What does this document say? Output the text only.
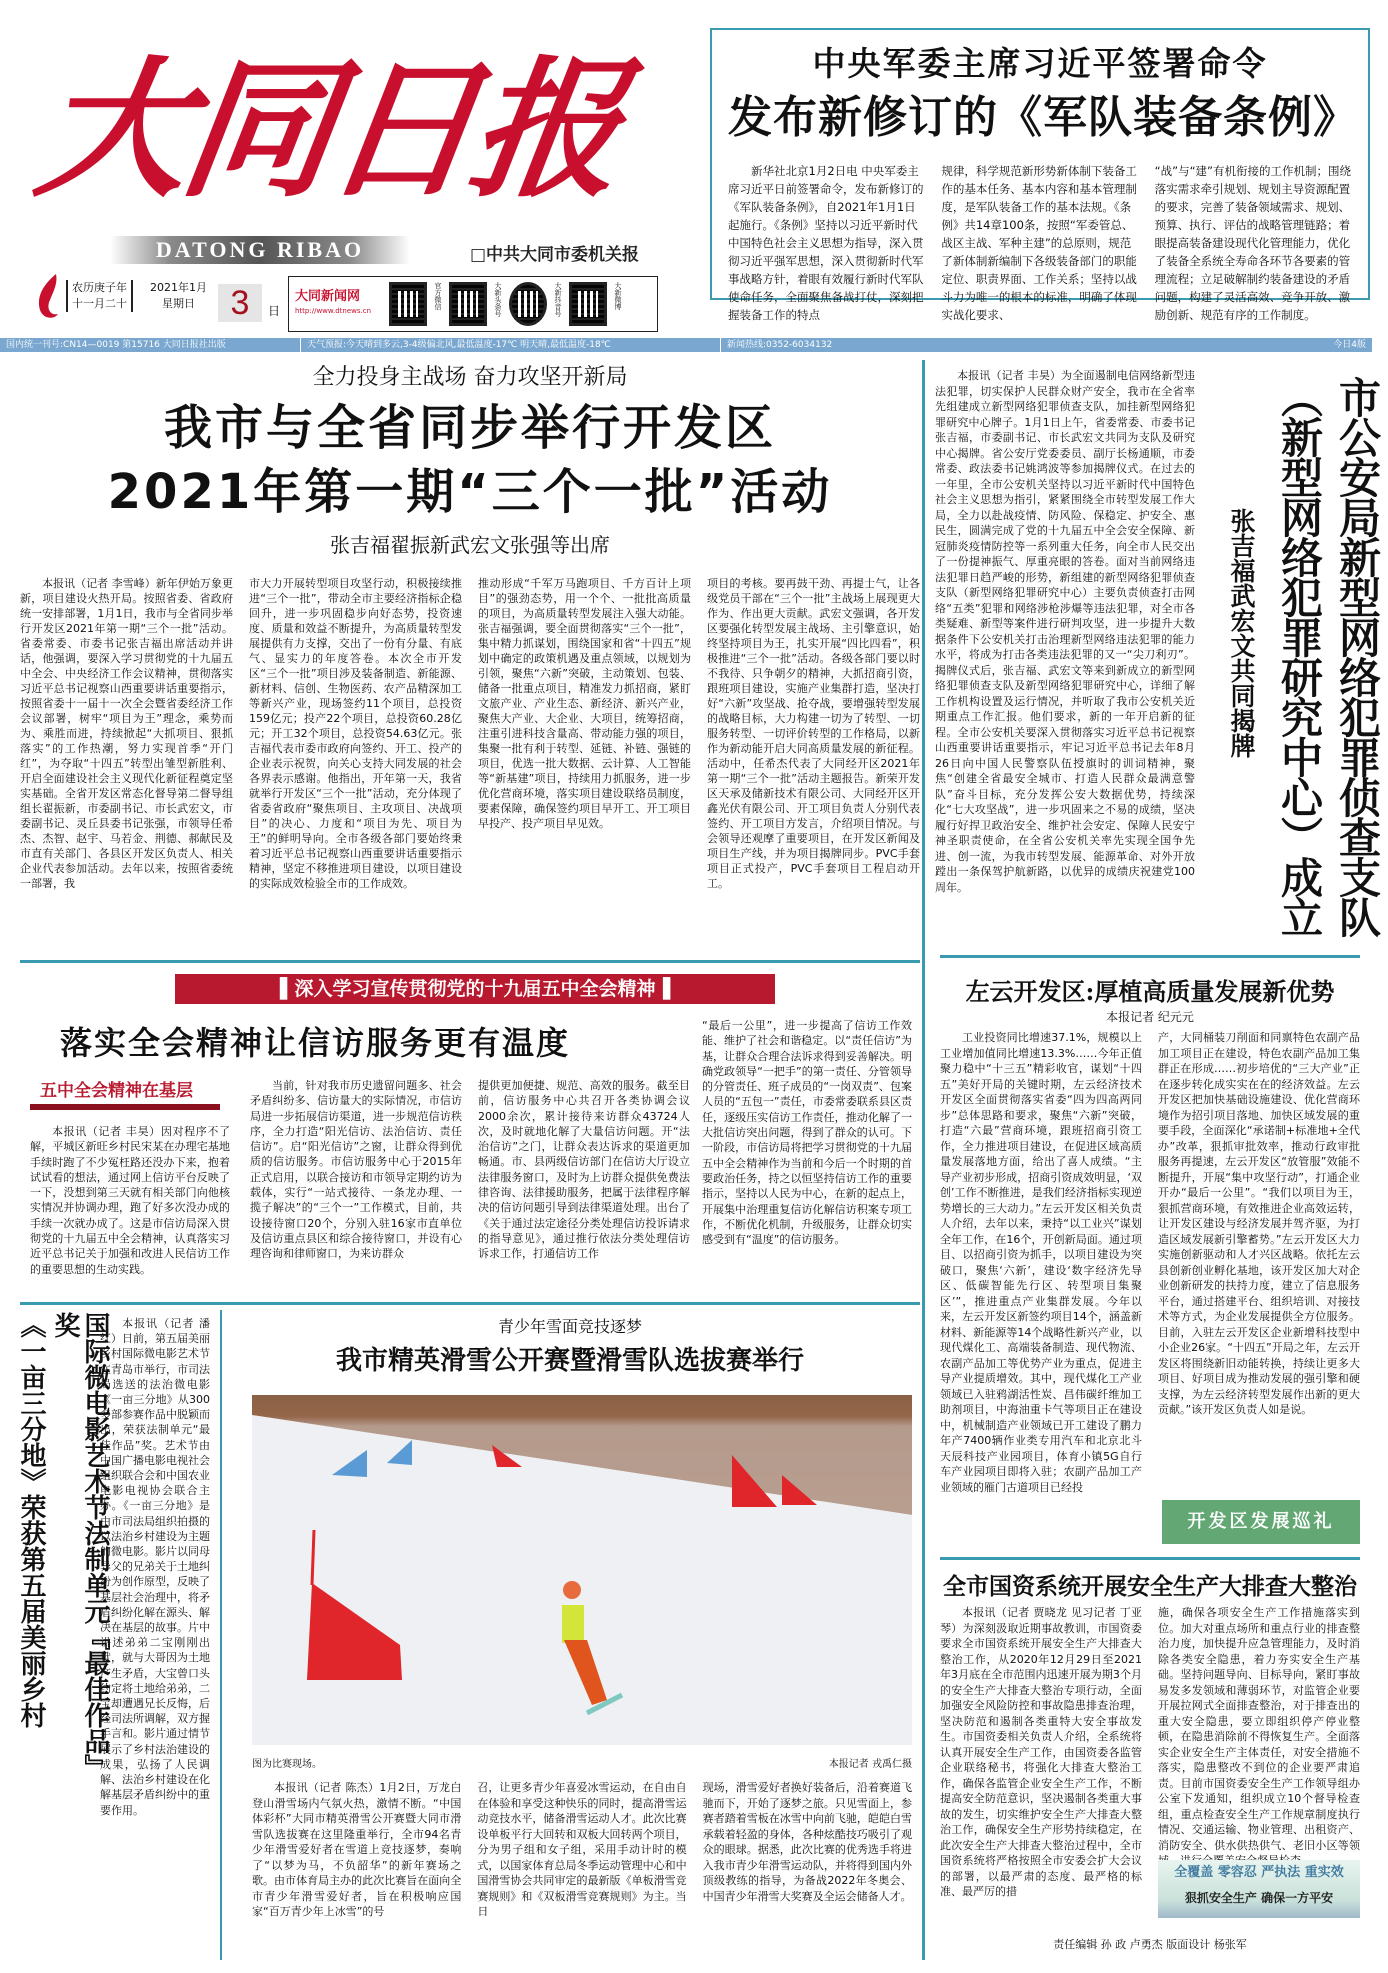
大同日报
DATONG RIBAO	□中共大同市委机关报
农历庚子年
十一月二十
2021年1月
星期日	3	日
大同新闻网
http://www.dtnews.cn
官方微信	大新头条号	大新抖音号	大新微博
中央军委主席习近平签署命令
发布新修订的《军队装备条例》
新华社北京1月2日电 中央军委主席习近平日前签署命令，发布新修订的《军队装备条例》，自2021年1月1日起施行。《条例》坚持以习近平新时代中国特色社会主义思想为指导，深入贯彻习近平强军思想，深入贯彻新时代军事战略方针，着眼有效履行新时代军队使命任务，全面聚焦备战打仗，深刻把握装备工作的特点
规律，科学规范新形势新体制下装备工作的基本任务、基本内容和基本管理制度，是军队装备工作的基本法规。《条例》共14章100条，按照“军委管总、战区主战、军种主建”的总原则，规范了新体制新编制下各级装备部门的职能定位、职责界面、工作关系；坚持以战斗力为唯一的根本的标准，明确了体现实战化要求、
“战”与“建”有机衔接的工作机制；围绕落实需求牵引规划、规划主导资源配置的要求，完善了装备领域需求、规划、预算、执行、评估的战略管理链路；着眼提高装备建设现代化管理能力，优化了装备全系统全寿命各环节各要素的管理流程；立足破解制约装备建设的矛盾问题，构建了灵活高效、竞争开放、激励创新、规范有序的工作制度。
国内统一刊号:CN14—0019 第15716 大同日报社出版	天气预报:今天晴到多云,3-4级偏北风,最低温度-17℃ 明天晴,最低温度-18℃	新闻热线:0352-6034132	今日4版
全力投身主战场 奋力攻坚开新局
我市与全省同步举行开发区
2021年第一期“三个一批”活动
张吉福翟振新武宏文张强等出席
本报讯（记者 李雪峰）新年伊始万象更新，项目建设火热开局。按照省委、省政府统一安排部署，1月1日，我市与全省同步举行开发区2021年第一期“三个一批”活动。省委常委、市委书记张吉福出席活动并讲话，他强调，要深入学习贯彻党的十九届五中全会、中央经济工作会议精神，贯彻落实习近平总书记视察山西重要讲话重要指示，按照省委十一届十一次全会暨省委经济工作会议部署，树牢“项目为王”理念，乘势而为、乘胜而进，持续掀起“大抓项目、狠抓落实”的工作热潮，努力实现首季“开门红”，为夺取“十四五”转型出雏型新胜利、开启全面建设社会主义现代化新征程奠定坚实基础。全省开发区常态化督导第二督导组组长翟振新，市委副书记、市长武宏文，市委副书记、灵丘县委书记张强，市领导任希杰、杰智、赵宇、马若金、荆德、郝献民及市直有关部门、各县区开发区负责人、相关企业代表参加活动。去年以来，按照省委统一部署，我
市大力开展转型项目攻坚行动，积极接续推进“三个一批”，带动全市主要经济指标企稳回升，进一步巩固稳步向好态势，投资速度、质量和效益不断提升，为高质量转型发展提供有力支撑，交出了一份有分量、有底气、显实力的年度答卷。本次全市开发区“三个一批”项目涉及装备制造、新能源、新材料、信创、生物医药、农产品精深加工等新兴产业，现场签约11个项目，总投资159亿元；投产22个项目，总投资60.28亿元；开工32个项目，总投资54.63亿元。张吉福代表市委市政府向签约、开工、投产的企业表示祝贺，向关心支持大同发展的社会各界表示感谢。他指出，开年第一天，我省就举行开发区“三个一批”活动，充分体现了省委省政府“聚焦项目、主攻项目、决战项目”的决心、力度和“项目为先、项目为王”的鲜明导向。全市各级各部门要始终秉着习近平总书记视察山西重要讲话重要指示精神，坚定不移推进项目建设，以项目建设的实际成效检验全市的工作成效。
推动形成“千军万马跑项目、千方百计上项目”的强劲态势，用一个个、一批批高质量的项目，为高质量转型发展注入强大动能。张吉福强调，要全面贯彻落实“三个一批”，集中精力抓谋划，围绕国家和省“十四五”规划中确定的政策机遇及重点领域，以规划为引领，聚焦“六新”突破，主动策划、包装、储备一批重点项目，精准发力抓招商，紧盯文旅产业、产业生态、新经济、新兴产业，聚焦大产业、大企业、大项目，统筹招商，注重引进科技含量高、带动能力强的项目，集聚一批有利于转型、延链、补链、强链的项目，优选一批大数据、云计算、人工智能等“新基建”项目，持续用力抓服务，进一步优化营商环境，落实项目建设联络员制度，要素保障，确保签约项目早开工、开工项目早投产、投产项目早见效。
项目的考核。要再鼓干劲、再提士气，让各级党员干部在“三个一批”主战场上展现更大作为、作出更大贡献。武宏文强调，各开发区要强化转型发展主战场、主引擎意识，始终坚持项目为王，扎实开展“四比四看”，积极推进“三个一批”活动。各级各部门要以时不我待、只争朝夕的精神，大抓招商引资，跟班项目建设，实施产业集群打造，坚决打好“六新”攻坚战、抢夺战，要增强转型发展的战略目标，大力构建一切为了转型、一切服务转型、一切评价转型的工作格局，以新作为新动能开启大同高质量发展的新征程。活动中，任希杰代表了大同经开区2021年第一期“三个一批”活动主题报告。新荣开发区天承及储新技术有限公司、大同经开区开鑫光伏有限公司、开工项目负责人分别代表签约、开工项目方发言，介绍项目情况。与会领导还观摩了重要项目，在开发区新闻及项目生产线，并为项目揭牌同步。PVC手套项目正式投产，PVC手套项目工程启动开工。
本报讯（记者 丰昊）为全面遏制电信网络新型违法犯罪，切实保护人民群众财产安全，我市在全省率先组建成立新型网络犯罪侦查支队，加挂新型网络犯罪研究中心牌子。1月1日上午，省委常委、市委书记张吉福，市委副书记、市长武宏文共同为支队及研究中心揭牌。省公安厅党委委员、副厅长杨通顺，市委常委、政法委书记姚鸿波等参加揭牌仪式。在过去的一年里，全市公安机关坚持以习近平新时代中国特色社会主义思想为指引，紧紧围绕全市转型发展工作大局，全力以赴战疫情、防风险、保稳定、护安全、惠民生，圆满完成了党的十九届五中全会安全保障、新冠肺炎疫情防控等一系列重大任务，向全市人民交出了一份提神振气、厚重亮眼的答卷。面对当前网络违法犯罪日趋严峻的形势，新组建的新型网络犯罪侦查支队（新型网络犯罪研究中心）主要负责侦查打击网络“五类”犯罪和网络涉枪涉爆等违法犯罪，对全市各类疑难、新型等案件进行研判攻坚，进一步提升大数据条件下公安机关打击治理新型网络违法犯罪的能力水平，将成为打击各类违法犯罪的又一“尖刀利刃”。揭牌仪式后，张吉福、武宏文等来到新成立的新型网络犯罪侦查支队及新型网络犯罪研究中心，详细了解工作机构设置及运行情况，并听取了我市公安机关近期重点工作汇报。他们要求，新的一年开启新的征程。全市公安机关要深入贯彻落实习近平总书记视察山西重要讲话重要指示，牢记习近平总书记去年8月26日向中国人民警察队伍授旗时的训词精神，聚焦“创建全省最安全城市、打造人民群众最满意警队”奋斗目标，充分发挥公安大数据优势，持续深化“七大攻坚战”，进一步巩固来之不易的成绩，坚决履行好捍卫政治安全、维护社会安定、保障人民安宁神圣职责使命，在全省公安机关率先实现全国争先进、创一流，为我市转型发展、能源革命、对外开放蹚出一条保驾护航新路，以优异的成绩庆祝建党100周年。	市公安局新型网络犯罪侦查支队
（新型网络犯罪研究中心）成立
张吉福武宏文共同揭牌
▌深入学习宣传贯彻党的十九届五中全会精神▐
落实全会精神让信访服务更有温度
五中全会精神在基层
本报讯（记者 丰昊）因对程序不了解，平城区新旺乡村民宋某在办理宅基地手续时跑了不少冤枉路还没办下来，抱着试试看的想法，通过网上信访平台反映了一下，没想到第三天就有相关部门向他核实情况并协调办理，跑了好多次没办成的手续一次就办成了。这是市信访局深入贯彻党的十九届五中全会精神，认真落实习近平总书记关于加强和改进人民信访工作的重要思想的生动实践。
当前，针对我市历史遗留问题多、社会矛盾纠纷多、信访量大的实际情况，市信访局进一步拓展信访渠道，进一步规范信访秩序，全力打造“阳光信访、法治信访、责任信访”。启“阳光信访”之窗，让群众得到优质的信访服务。市信访服务中心于2015年正式启用，以联合接访和市领导定期约访为载体，实行“一站式接待、一条龙办理、一揽子解决”的“三个一”工作模式，目前，共设接待窗口20个，分别入驻16家市直单位及信访重点县区和综合接待窗口，并设有心理咨询和律师窗口，为来访群众
提供更加便捷、规范、高效的服务。截至目前，信访服务中心共召开各类协调会议2000余次，累计接待来访群众43724人次，及时就地化解了大量信访问题。开“法治信访”之门，让群众表达诉求的渠道更加畅通。市、县两级信访部门在信访大厅设立法律服务窗口，及时为上访群众提供免费法律咨询、法律援助服务，把属于法律程序解决的信访问题引导到法律渠道处理。出台了《关于通过法定途径分类处理信访投诉请求的指导意见》，通过推行依法分类处理信访诉求工作，打通信访工作
“最后一公里”，进一步提高了信访工作效能、维护了社会和谐稳定。以“责任信访”为基，让群众合理合法诉求得到妥善解决。明确党政领导“一把手”的第一责任、分管领导的分管责任、班子成员的“一岗双责”、包案人员的“五包一”责任，市委常委联系县区责任，逐级压实信访工作责任，推动化解了一大批信访突出问题，得到了群众的认可。下一阶段，市信访局将把学习贯彻党的十九届五中全会精神作为当前和今后一个时期的首要政治任务，持之以恒坚持信访工作的重要指示，坚持以人民为中心，在新的起点上，开展集中治理重复信访化解信访积案专项工作，不断优化机制，升级服务，让群众切实感受到有“温度”的信访服务。
左云开发区:厚植高质量发展新优势
本报记者 纪元元
工业投资同比增速37.1%，规模以上工业增加值同比增速13.3%……今年正值聚力稳中“十三五”精彩收官，谋划“十四五”美好开局的关键时期，左云经济技术开发区全面贯彻落实省委“四为四高两同步”总体思路和要求，聚焦“六新”突破，打造“六最”营商环境，跟班招商引资工作，全力推进项目建设，在促进区域高质量发展落地方面，给出了喜人成绩。“主导产业初步形成，招商引资成效明显，‘双创’工作不断推进，是我们经济指标实现逆势增长的三大动力。”左云开发区相关负责人介绍，去年以来，秉持“以工业兴”谋划全年工作，在16个，开创新局面。通过项目、以招商引资为抓手，以项目建设为突破口，聚焦‘六新’，建设‘数字经济先导区、低碳智能先行区、转型项目集聚区’”，推进重点产业集群发展。今年以来，左云开发区新签约项目14个，涵盖新材料、新能源等14个战略性新兴产业，以现代煤化工、高端装备制造、现代物流、农副产品加工等优势产业为重点，促进主导产业提质增效。其中，现代煤化工产业领域已入驻鸦湖活性炭、昌伟碳纤维加工助剂项目，中海油重卡气等项目正在建设中，机械制造产业领域已开工建设了鹏力年产7400辆作业类专用汽车和北京北斗天辰科技产业园项目，体育小镇5G自行车产业园项目即将入驻；农副产品加工产业领域的雁门古道项目已经投
产，大同桶装刀削面和同禀特色农副产品加工项目正在建设，特色农副产品加工集群正在形成……初步培优的“三大产业”正在逐步转化成实实在在的经济效益。左云开发区把加快基础设施建设、优化营商环境作为招引项目落地、加快区域发展的重要手段，全面深化“承诺制+标准地+全代办”改革，狠抓审批效率，推动行政审批服务再提速，左云开发区“放管服”效能不断提升，开展“集中攻坚行动”，打通企业开办“最后一公里”。“我们以项目为王，狠抓营商环境，有效推进企业高效运转，让开发区建设与经济发展并驾齐驱，为打造区域发展新引擎蓄势。”左云开发区大力实施创新驱动和人才兴区战略。依托左云县创新创业孵化基地，该开发区加大对企业创新研发的扶持力度，建立了信息服务平台，通过搭建平台、组织培训、对接技术等方式，为企业发展提供全方位服务。目前，入驻左云开发区企业新增科技型中小企业26家。“十四五”开局之年，左云开发区将围绕新旧动能转换，持续让更多大项目、好项目成为推动发展的强引擎和硬支撑，为左云经济转型发展作出新的更大贡献。”该开发区负责人如是说。
开发区发展巡礼
全市国资系统开展安全生产大排查大整治
本报讯（记者 贾晓龙 见习记者 丁亚琴）为深刻汲取近期事故教训，市国资委要求全市国资系统开展安全生产大排查大整治工作，从2020年12月29日至2021年3月底在全市范围内迅速开展为期3个月的安全生产大排查大整治专项行动，全面加强安全风险防控和事故隐患排查治理，坚决防范和遏制各类重特大安全事故发生。市国资委相关负责人介绍，全系统将认真开展安全生产工作，由国资委各监管企业联络秘书，将强化大排查大整治工作，确保各监管企业安全生产工作，不断提高安全防范意识，坚决遏制各类重大事故的发生，切实维护安全生产大排查大整治工作，确保安全生产形势持续稳定，在此次安全生产大排查大整治过程中，全市国资系统将严格按照全市安委会扩大会议的部署，以最严肃的态度、最严格的标准、最严厉的措
施，确保各项安全生产工作措施落实到位。加大对重点场所和重点行业的排查整治力度，加快提升应急管理能力，及时消除各类安全隐患，着力夯实安全生产基础。坚持问题导向、目标导向，紧盯事故易发多发领域和薄弱环节，对监管企业要开展拉网式全面排查整治，对于排查出的重大安全隐患，要立即组织停产停业整顿，在隐患消除前不得恢复生产。全面落实企业安全生产主体责任，对安全措施不落实，隐患整改不到位的企业要严肃追责。目前市国资委安全生产工作领导组办公室下发通知，组织成立10个督导检查组，重点检查安全生产工作规章制度执行情况、交通运输、物业管理、出租资产、消防安全、供水供热供气、老旧小区等领
全覆盖 零容忍 严执法 重实效
狠抓安全生产 确保一方平安
责任编辑 孙 政 卢勇杰 版面设计 杨张军
国际微电影艺术节法制单元『最佳作品』奖
《一亩三分地》荣获第五届美丽乡村	本报讯（记者 潘红）日前，第五届美丽乡村国际微电影艺术节在青岛市举行，市司法局选送的法治微电影《一亩三分地》从300多部参赛作品中脱颖而出，荣获法制单元“最佳作品”奖。艺术节由中国广播电影电视社会组织联合会和中国农业电影电视协会联合主办。《一亩三分地》是由市司法局组织拍摄的以法治乡村建设为主题的微电影。影片以同母异父的兄弟关于土地纠纷为创作原型，反映了基层社会治理中，将矛盾纠纷化解在源头、解决在基层的故事。片中讲述弟弟二宝刚刚出狱，就与大哥因为土地产生矛盾，大宝曾口头约定将土地给弟弟，二宝却遭遇兄长反悔，后经司法所调解，双方握手言和。影片通过情节展示了乡村法治建设的成果，弘扬了人民调解、法治乡村建设在化解基层矛盾纠纷中的重要作用。
青少年雪面竞技逐梦
我市精英滑雪公开赛暨滑雪队选拔赛举行
图为比赛现场。	本报记者 戎禹仁摄
本报讯（记者 陈杰）1月2日，万龙白登山滑雪场内气氛火热，激情不断。“中国体彩杯”大同市精英滑雪公开赛暨大同市滑雪队选拔赛在这里隆重举行，全市94名青少年滑雪爱好者在雪道上竞技逐梦，奏响了“以梦为马，不负韶华”的新年赛场之歌。由市体育局主办的此次比赛旨在面向全市青少年滑雪爱好者，旨在积极响应国家“百万青少年上冰雪”的号
召，让更多青少年喜爱冰雪运动，在自由自在体验和享受这种快乐的同时，提高滑雪运动竞技水平，储备滑雪运动人才。此次比赛设单板平行大回转和双板大回转两个项目，分为男子组和女子组，采用手动计时的模式，以国家体育总局冬季运动管理中心和中国滑雪协会共同审定的最新版《单板滑雪竞赛规则》和《双板滑雪竞赛规则》为主。当日
现场，滑雪爱好者换好装备后，沿着赛道飞驰而下，开始了逐梦之旅。只见雪面上，参赛者踏着雪板在冰雪中向前飞驰，皑皑白雪承载着轻盈的身体，各种炫酷技巧吸引了观众的眼球。据悉，此次比赛的优秀选手将进入我市青少年滑雪运动队，并将得到国内外顶级教练的指导，为备战2022年冬奥会、中国青少年滑雪大奖赛及全运会储备人才。
